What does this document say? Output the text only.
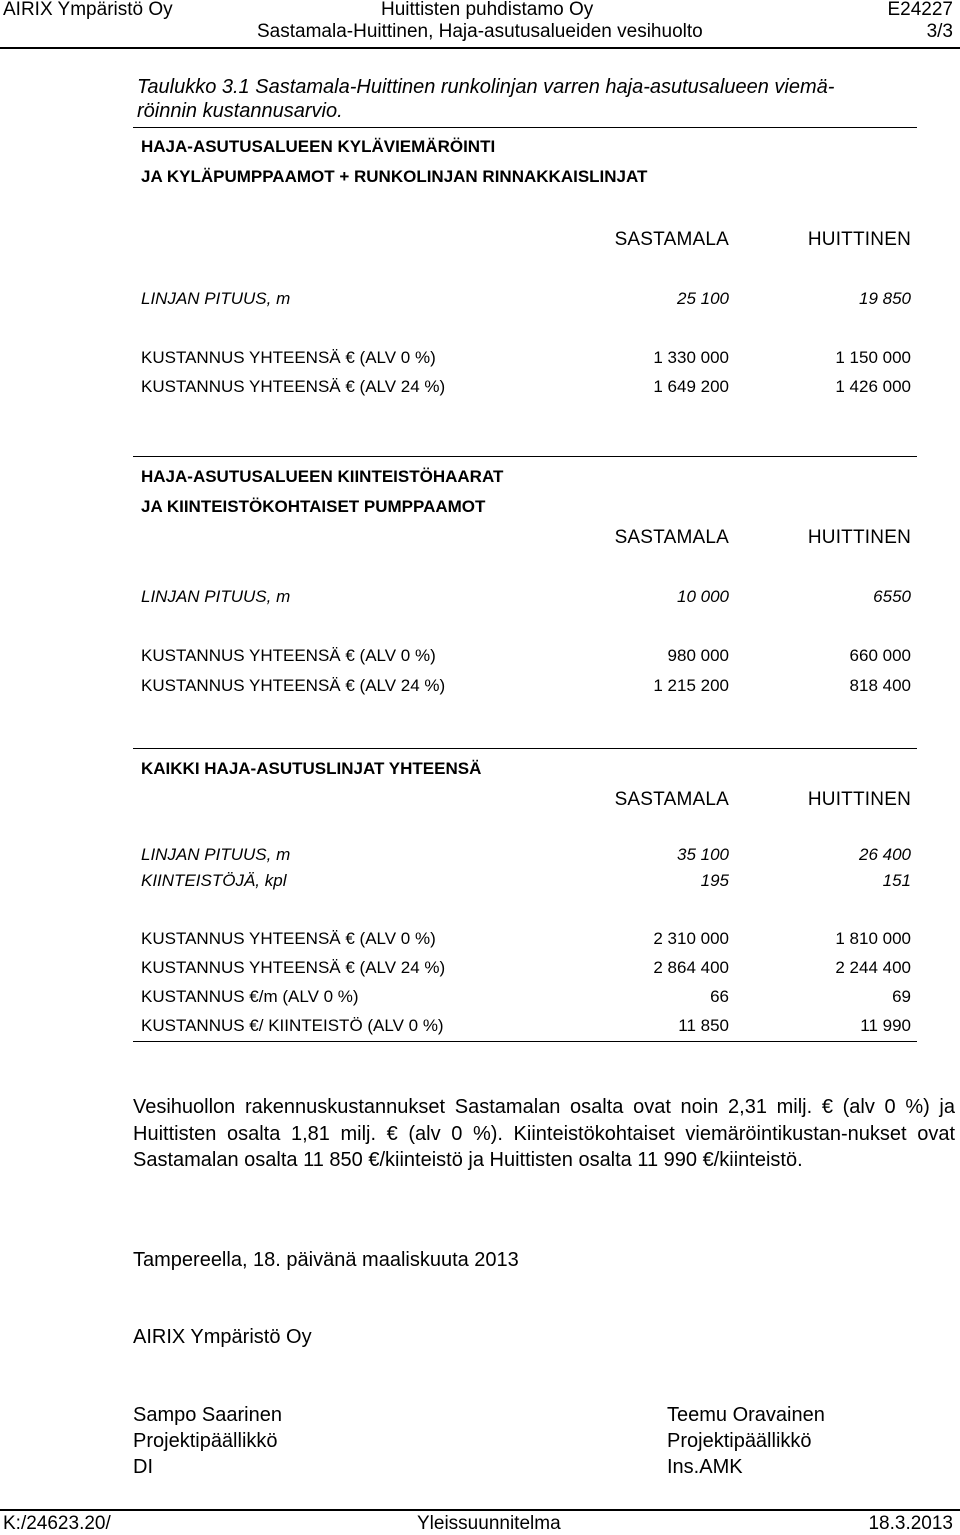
AIRIX Ympäristö Oy	Huittisten puhdistamo Oy	E24227
Sastamala-Huittinen, Haja-asutusalueiden vesihuolto	3/3
Taulukko 3.1 Sastamala-Huittinen runkolinjan varren haja-asutusalueen viemä-
röinnin kustannusarvio.
HAJA-ASUTUSALUEEN KYLÄVIEMÄRÖINTI
JA KYLÄPUMPPAAMOT + RUNKOLINJAN RINNAKKAISLINJAT
SASTAMALA	HUITTINEN
LINJAN PITUUS, m	25 100	19 850
KUSTANNUS YHTEENSÄ € (ALV 0 %)	1 330 000	1 150 000
KUSTANNUS YHTEENSÄ € (ALV 24 %)	1 649 200	1 426 000
HAJA-ASUTUSALUEEN KIINTEISTÖHAARAT
JA KIINTEISTÖKOHTAISET PUMPPAAMOT
SASTAMALA	HUITTINEN
LINJAN PITUUS, m	10 000	6550
KUSTANNUS YHTEENSÄ € (ALV 0 %)	980 000	660 000
KUSTANNUS YHTEENSÄ € (ALV 24 %)	1 215 200	818 400
KAIKKI HAJA-ASUTUSLINJAT YHTEENSÄ
SASTAMALA	HUITTINEN
LINJAN PITUUS, m	35 100	26 400
KIINTEISTÖJÄ, kpl	195	151
KUSTANNUS YHTEENSÄ € (ALV 0 %)	2 310 000	1 810 000
KUSTANNUS YHTEENSÄ € (ALV 24 %)	2 864 400	2 244 400
KUSTANNUS €/m (ALV 0 %)	66	69
KUSTANNUS €/ KIINTEISTÖ (ALV 0 %)	11 850	11 990
Vesihuollon rakennuskustannukset Sastamalan osalta ovat noin 2,31 milj. € (alv 0 %) ja Huittisten osalta 1,81 milj. € (alv 0 %). Kiinteistökohtaiset viemäröintikustan-nukset ovat Sastamalan osalta 11 850 €/kiinteistö ja Huittisten osalta 11 990 €/kiinteistö.
Tampereella, 18. päivänä maaliskuuta 2013
AIRIX Ympäristö Oy
Sampo Saarinen
Projektipäällikkö
DI
Teemu Oravainen
Projektipäällikkö
Ins.AMK
K:/24623.20/	Yleissuunnitelma	18.3.2013
